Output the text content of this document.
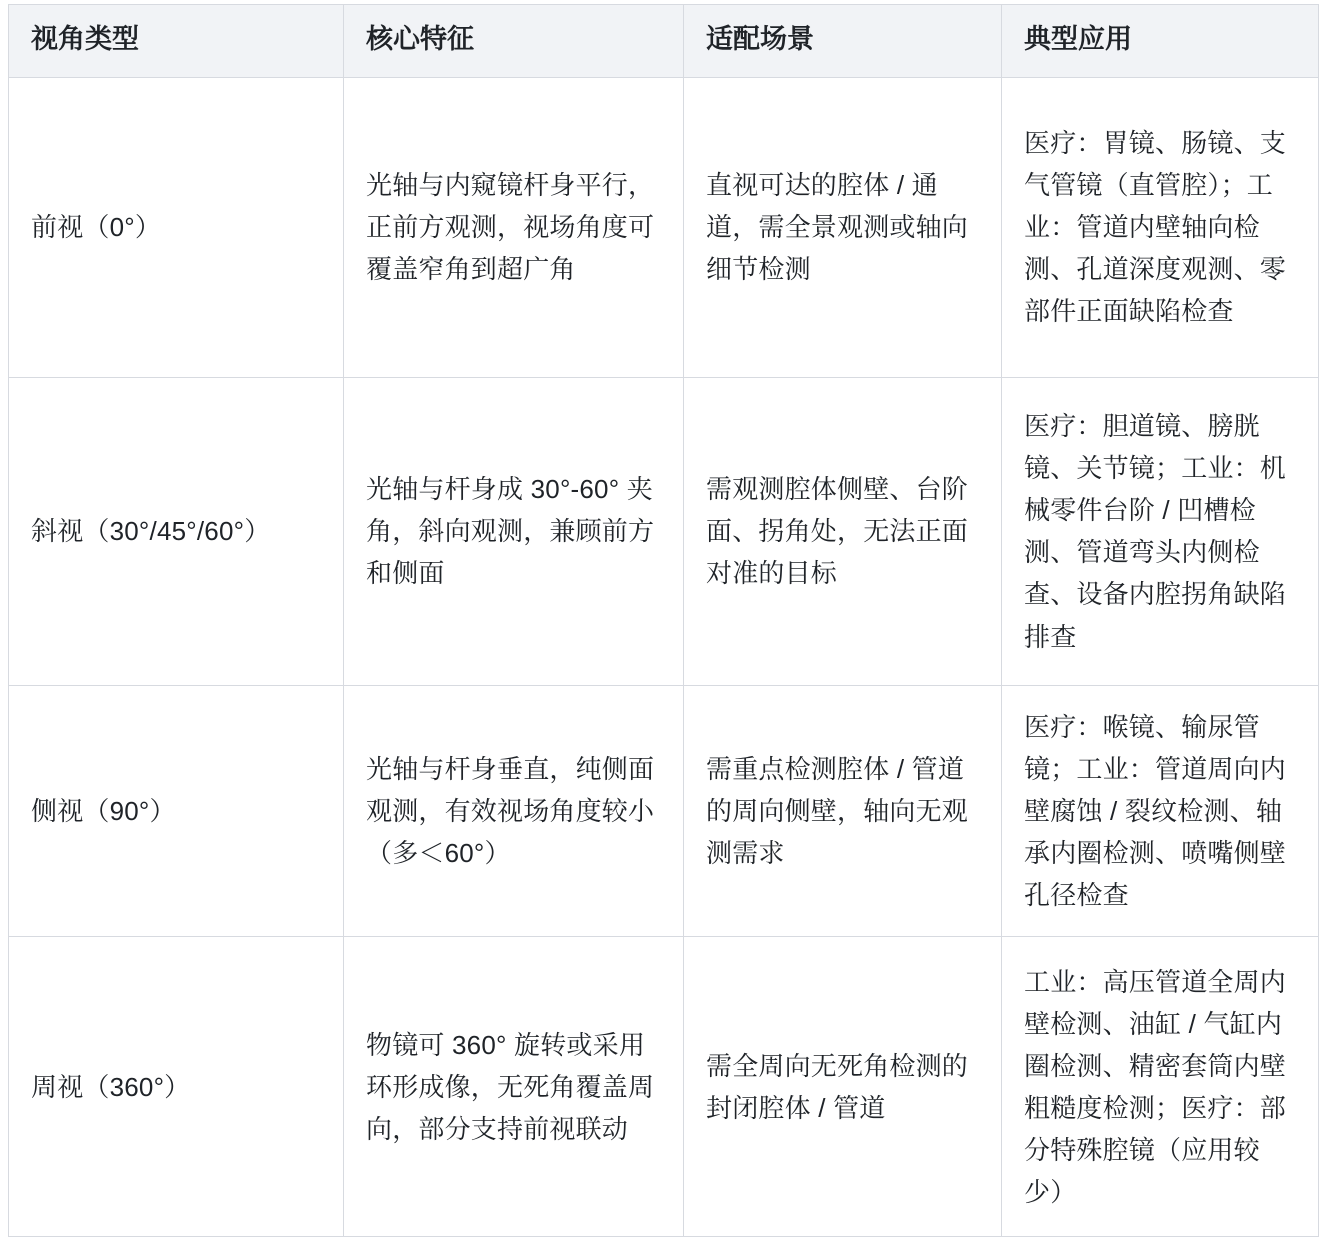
视角类型	核心特征	适配场景	典型应用

前视（0°）	光轴与内窥镜杆身平行，正前方观测，视场角度可覆盖窄角到超广角	直视可达的腔体 / 通道，需全景观测或轴向细节检测	医疗：胃镜、肠镜、支气管镜（直管腔）；工业：管道内壁轴向检测、孔道深度观测、零部件正面缺陷检查

斜视（30°/45°/60°）	光轴与杆身成 30°-60° 夹角，斜向观测，兼顾前方和侧面	需观测腔体侧壁、台阶面、拐角处，无法正面对准的目标	医疗：胆道镜、膀胱镜、关节镜；工业：机械零件台阶 / 凹槽检测、管道弯头内侧检查、设备内腔拐角缺陷排查

侧视（90°）	光轴与杆身垂直，纯侧面观测，有效视场角度较小（多＜60°）	需重点检测腔体 / 管道的周向侧壁，轴向无观测需求	医疗：喉镜、输尿管镜；工业：管道周向内壁腐蚀 / 裂纹检测、轴承内圈检测、喷嘴侧壁孔径检查

周视（360°）	物镜可 360° 旋转或采用环形成像，无死角覆盖周向，部分支持前视联动	需全周向无死角检测的封闭腔体 / 管道	工业：高压管道全周内壁检测、油缸 / 气缸内圈检测、精密套筒内壁粗糙度检测；医疗：部分特殊腔镜（应用较少）
